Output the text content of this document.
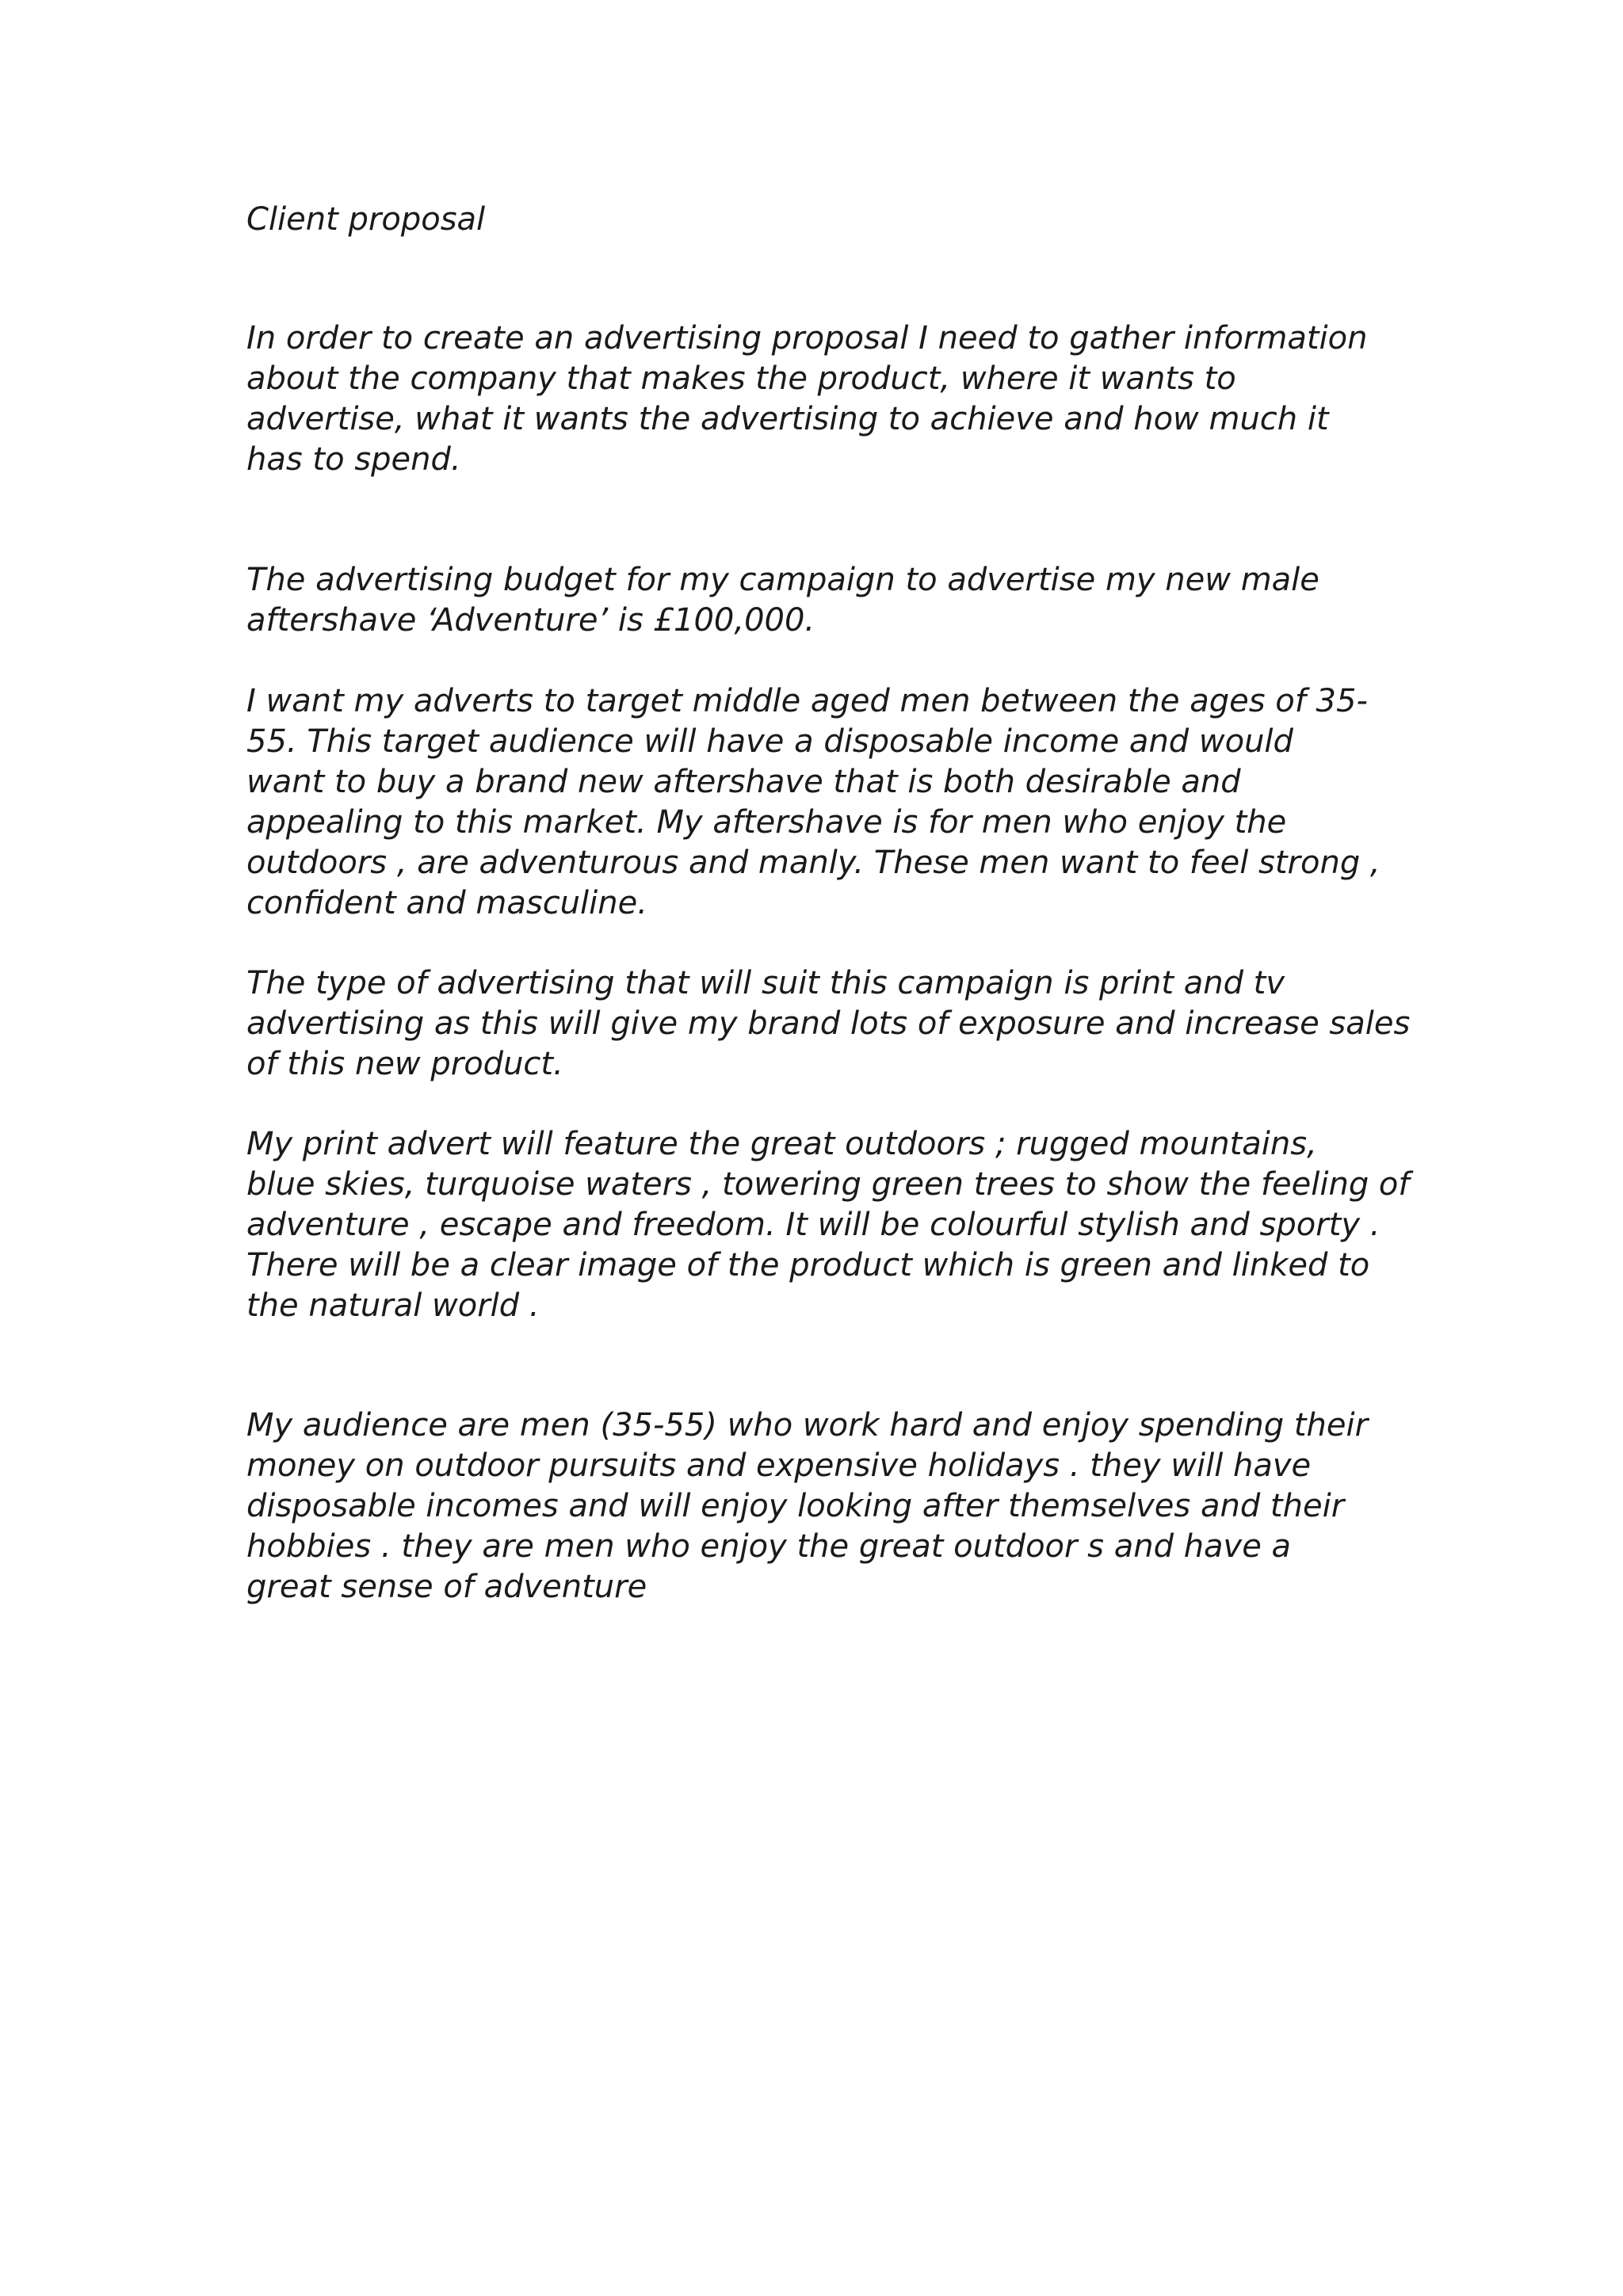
Client proposal

In order to create an advertising proposal I need to gather information
about the company that makes the product, where it wants to
advertise, what it wants the advertising to achieve and how much it
has to spend.

The advertising budget for my campaign to advertise my new male
aftershave ‘Adventure’ is £100,000.

I want my adverts to target middle aged men between the ages of 35-
55. This target audience will have a disposable income and would
want to buy a brand new aftershave that is both desirable and
appealing to this market. My aftershave is for men who enjoy the
outdoors , are adventurous and manly. These men want to feel strong ,
confident and masculine.

The type of advertising that will suit this campaign is print and tv
advertising as this will give my brand lots of exposure and increase sales
of this new product.

My print advert will feature the great outdoors ; rugged mountains,
blue skies, turquoise waters , towering green trees to show the feeling of
adventure , escape and freedom. It will be colourful stylish and sporty .
There will be a clear image of the product which is green and linked to
the natural world .

My audience are men (35-55) who work hard and enjoy spending their
money on outdoor pursuits and expensive holidays . they will have
disposable incomes and will enjoy looking after themselves and their
hobbies . they are men who enjoy the great outdoor s and have a
great sense of adventure
